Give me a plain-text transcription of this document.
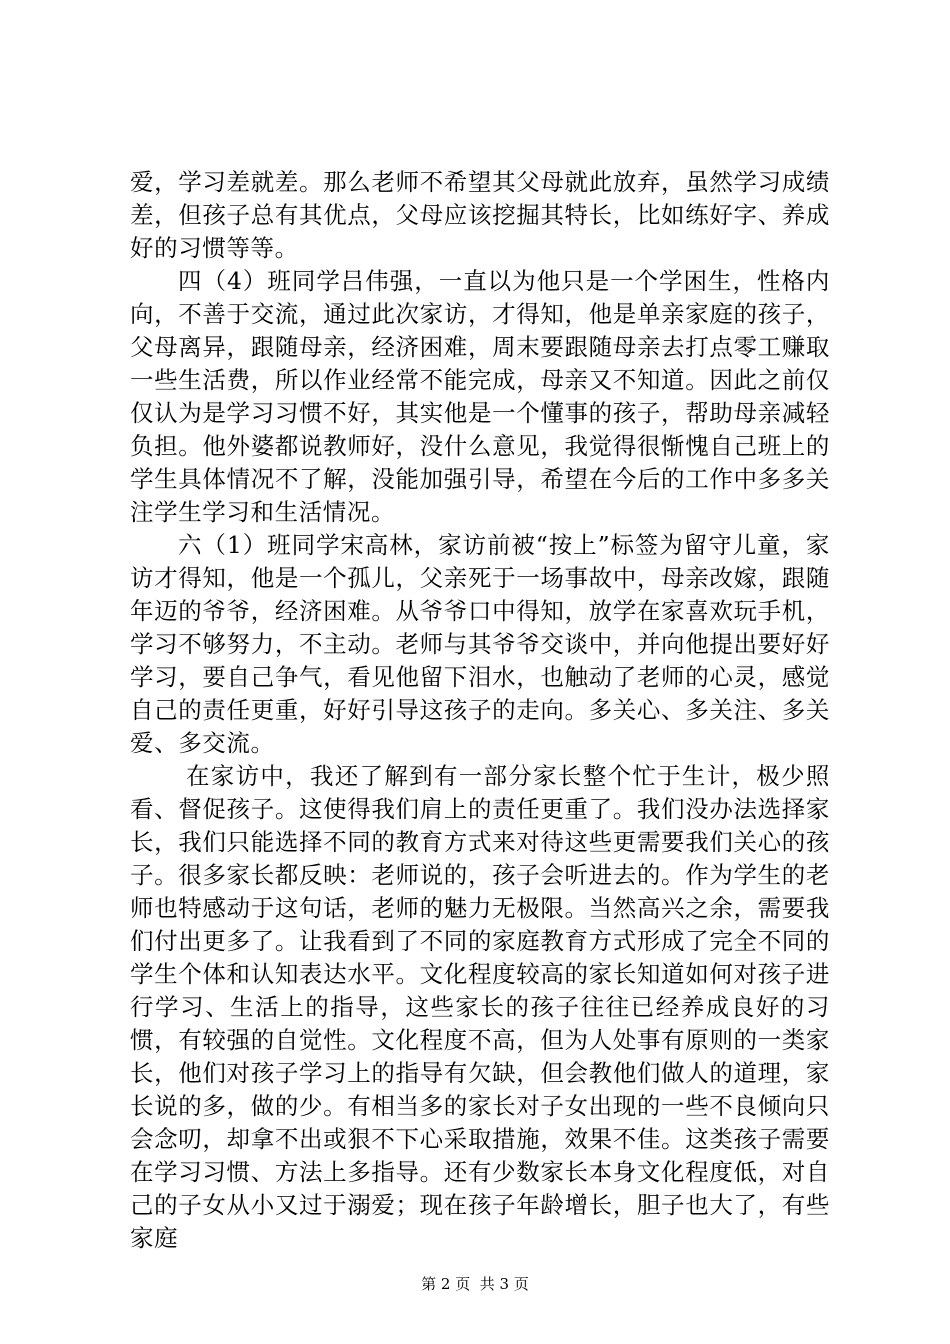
爱，学习差就差。那么老师不希望其父母就此放弃，虽然学习成绩差，但孩子总有其优点，父母应该挖掘其特长，比如练好字、养成好的习惯等等。

四（4）班同学吕伟强，一直以为他只是一个学困生，性格内向，不善于交流，通过此次家访，才得知，他是单亲家庭的孩子，父母离异，跟随母亲，经济困难，周末要跟随母亲去打点零工赚取一些生活费，所以作业经常不能完成，母亲又不知道。因此之前仅仅认为是学习习惯不好，其实他是一个懂事的孩子，帮助母亲减轻负担。他外婆都说教师好，没什么意见，我觉得很惭愧自己班上的学生具体情况不了解，没能加强引导，希望在今后的工作中多多关注学生学习和生活情况。

六（1）班同学宋高林，家访前被“按上”标签为留守儿童，家访才得知，他是一个孤儿，父亲死于一场事故中，母亲改嫁，跟随年迈的爷爷，经济困难。从爷爷口中得知，放学在家喜欢玩手机，学习不够努力，不主动。老师与其爷爷交谈中，并向他提出要好好学习，要自己争气，看见他留下泪水，也触动了老师的心灵，感觉自己的责任更重，好好引导这孩子的走向。多关心、多关注、多关爱、多交流。

在家访中，我还了解到有一部分家长整个忙于生计，极少照看、督促孩子。这使得我们肩上的责任更重了。我们没办法选择家长，我们只能选择不同的教育方式来对待这些更需要我们关心的孩子。很多家长都反映：老师说的，孩子会听进去的。作为学生的老师也特感动于这句话，老师的魅力无极限。当然高兴之余，需要我们付出更多了。让我看到了不同的家庭教育方式形成了完全不同的学生个体和认知表达水平。文化程度较高的家长知道如何对孩子进行学习、生活上的指导，这些家长的孩子往往已经养成良好的习惯，有较强的自觉性。文化程度不高，但为人处事有原则的一类家长，他们对孩子学习上的指导有欠缺，但会教他们做人的道理，家长说的多，做的少。有相当多的家长对子女出现的一些不良倾向只会念叨，却拿不出或狠不下心采取措施，效果不佳。这类孩子需要在学习习惯、方法上多指导。还有少数家长本身文化程度低，对自己的子女从小又过于溺爱；现在孩子年龄增长，胆子也大了，有些家庭

第 2 页  共 3 页
